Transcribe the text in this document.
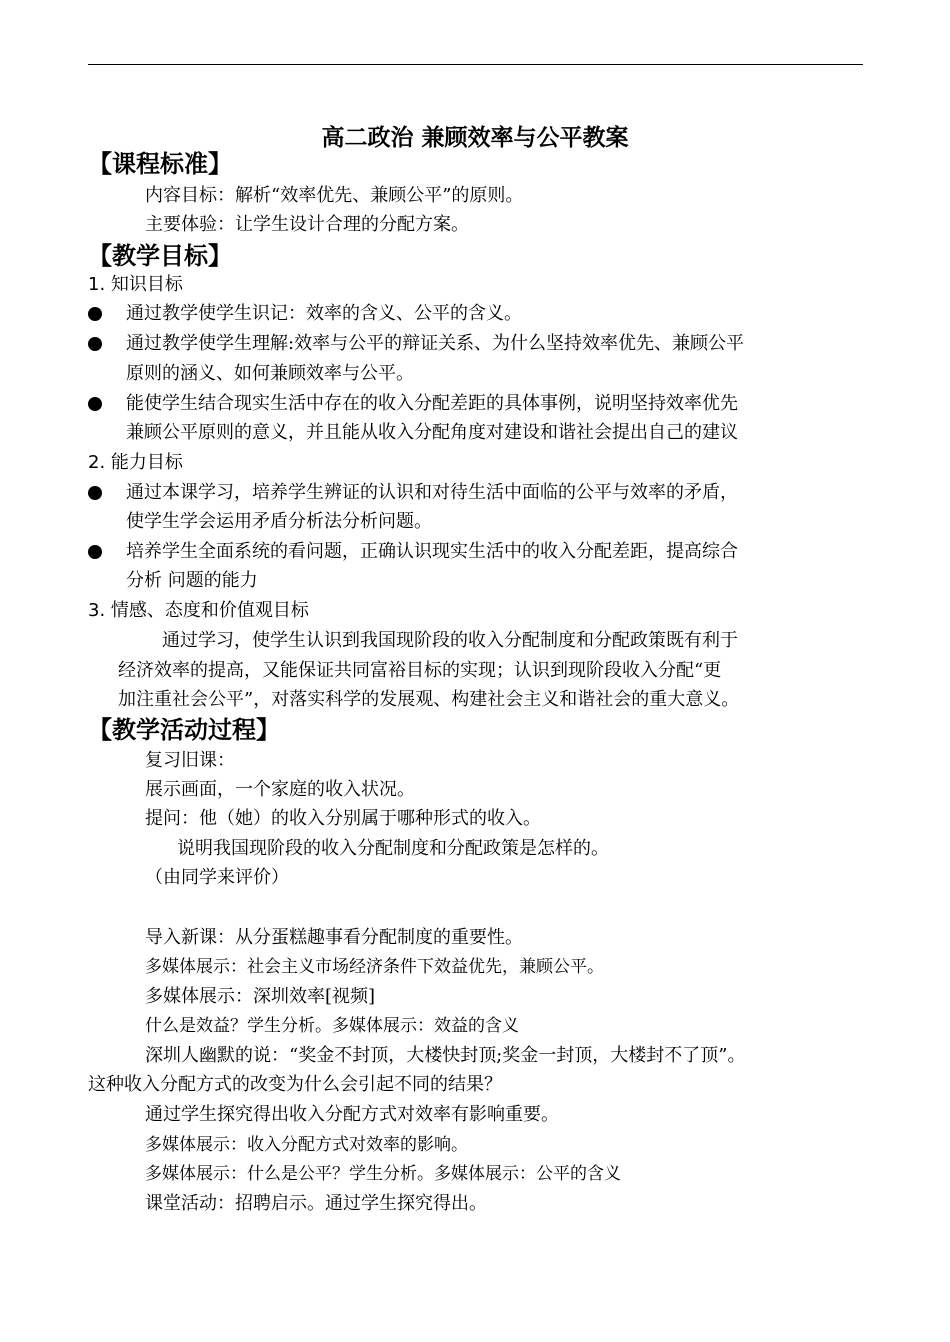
高二政治 兼顾效率与公平教案
【课程标准】
内容目标：解析“效率优先、兼顾公平”的原则。
主要体验：让学生设计合理的分配方案。
【教学目标】
1. 知识目标
通过教学使学生识记：效率的含义、公平的含义。
通过教学使学生理解:效率与公平的辩证关系、为什么坚持效率优先、兼顾公平
原则的涵义、如何兼顾效率与公平。
能使学生结合现实生活中存在的收入分配差距的具体事例，说明坚持效率优先
兼顾公平原则的意义，并且能从收入分配角度对建设和谐社会提出自己的建议
2. 能力目标
通过本课学习，培养学生辨证的认识和对待生活中面临的公平与效率的矛盾，
使学生学会运用矛盾分析法分析问题。
培养学生全面系统的看问题，正确认识现实生活中的收入分配差距，提高综合
分析 问题的能力
3. 情感、态度和价值观目标
通过学习，使学生认识到我国现阶段的收入分配制度和分配政策既有利于
经济效率的提高，又能保证共同富裕目标的实现；认识到现阶段收入分配“更
加注重社会公平”，对落实科学的发展观、构建社会主义和谐社会的重大意义。
【教学活动过程】
复习旧课：
展示画面，一个家庭的收入状况。
提问：他（她）的收入分别属于哪种形式的收入。
说明我国现阶段的收入分配制度和分配政策是怎样的。
（由同学来评价）
导入新课：从分蛋糕趣事看分配制度的重要性。
多媒体展示：社会主义市场经济条件下效益优先，兼顾公平。
多媒体展示：深圳效率[视频]
什么是效益？学生分析。多媒体展示：效益的含义
深圳人幽默的说：“奖金不封顶，大楼快封顶;奖金一封顶，大楼封不了顶”。
这种收入分配方式的改变为什么会引起不同的结果？
通过学生探究得出收入分配方式对效率有影响重要。
多媒体展示：收入分配方式对效率的影响。
多媒体展示：什么是公平？学生分析。多媒体展示：公平的含义
课堂活动：招聘启示。通过学生探究得出。
